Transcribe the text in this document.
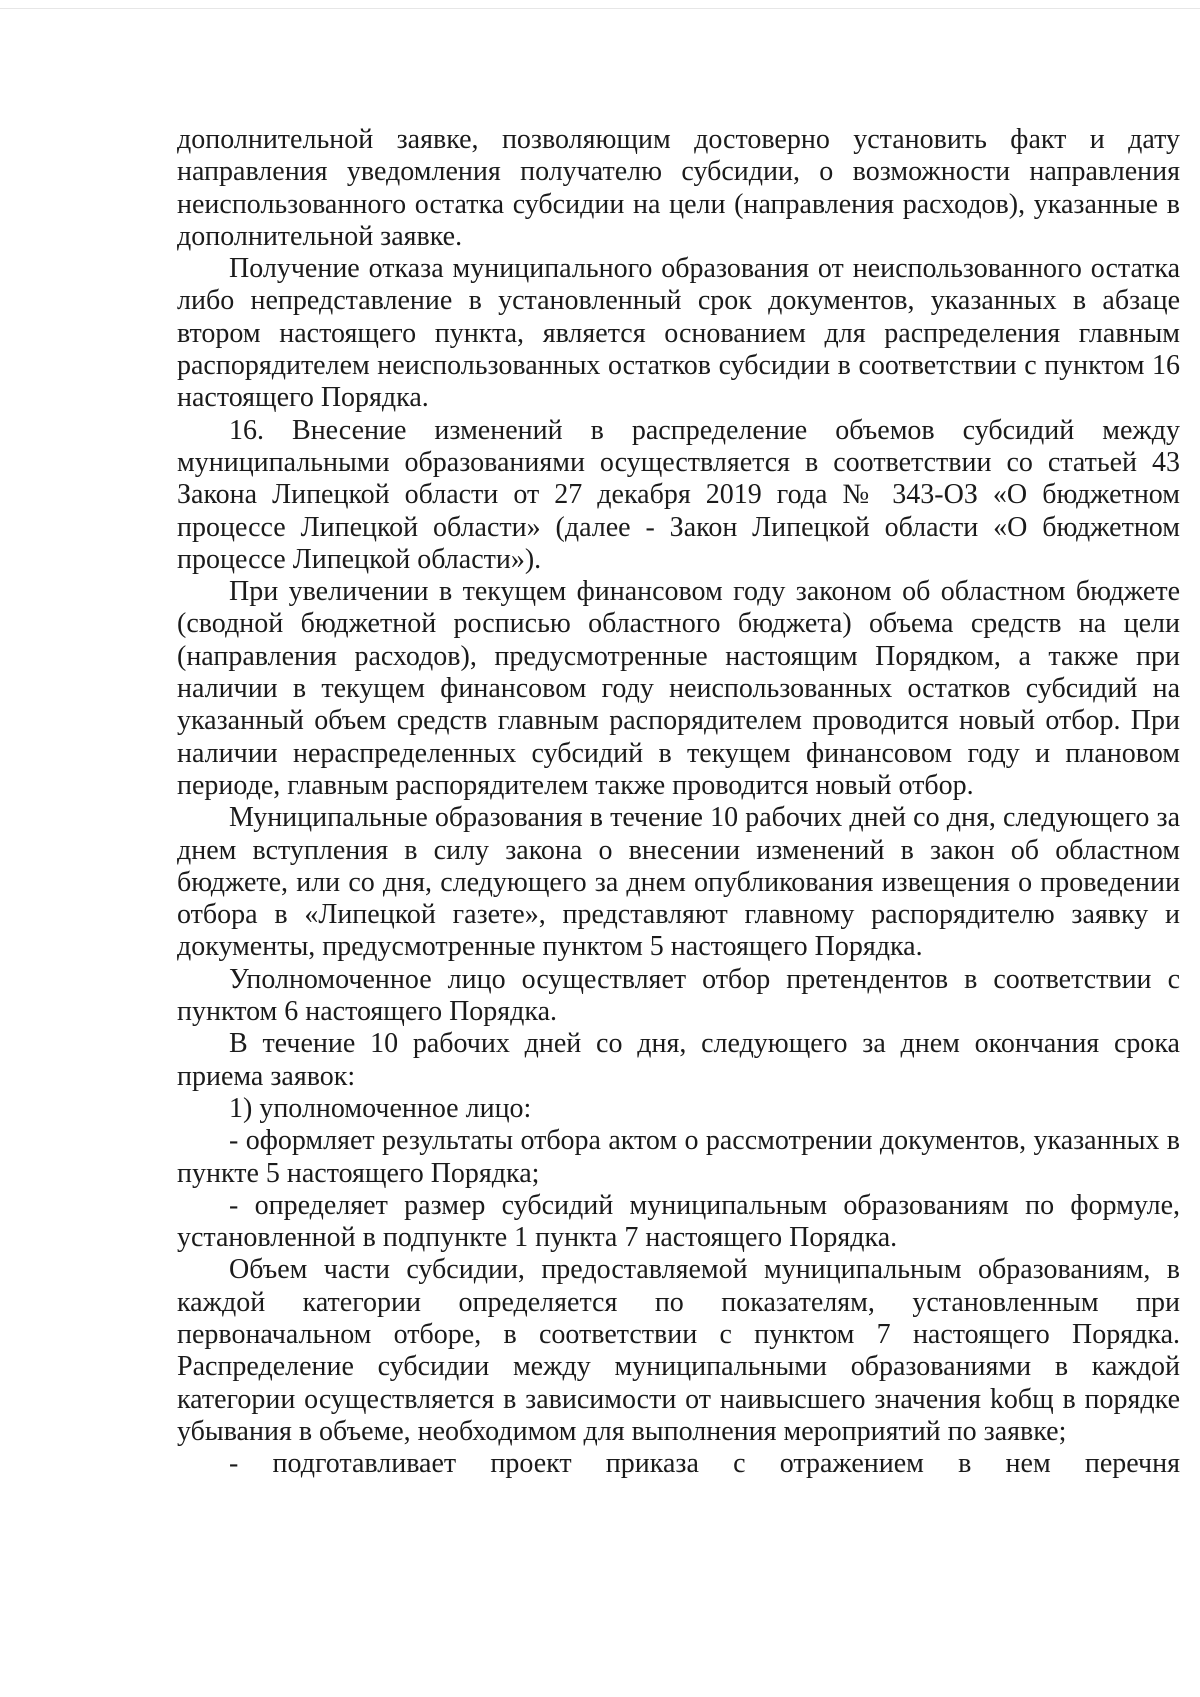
дополнительной заявке, позволяющим достоверно установить факт и дату направления уведомления получателю субсидии, о возможности направления неиспользованного остатка субсидии на цели (направления расходов), указанные в дополнительной заявке.

Получение отказа муниципального образования от неиспользованного остатка либо непредставление в установленный срок документов, указанных в абзаце втором настоящего пункта, является основанием для распределения главным распорядителем неиспользованных остатков субсидии в соответствии с пунктом 16 настоящего Порядка.

16. Внесение изменений в распределение объемов субсидий между муниципальными образованиями осуществляется в соответствии со статьей 43 Закона Липецкой области от 27 декабря 2019 года № 343-ОЗ «О бюджетном процессе Липецкой области» (далее - Закон Липецкой области «О бюджетном процессе Липецкой области»).

При увеличении в текущем финансовом году законом об областном бюджете (сводной бюджетной росписью областного бюджета) объема средств на цели (направления расходов), предусмотренные настоящим Порядком, а также при наличии в текущем финансовом году неиспользованных остатков субсидий на указанный объем средств главным распорядителем проводится новый отбор. При наличии нераспределенных субсидий в текущем финансовом году и плановом периоде, главным распорядителем также проводится новый отбор.

Муниципальные образования в течение 10 рабочих дней со дня, следующего за днем вступления в силу закона о внесении изменений в закон об областном бюджете, или со дня, следующего за днем опубликования извещения о проведении отбора в «Липецкой газете», представляют главному распорядителю заявку и документы, предусмотренные пунктом 5 настоящего Порядка.

Уполномоченное лицо осуществляет отбор претендентов в соответствии с пунктом 6 настоящего Порядка.

В течение 10 рабочих дней со дня, следующего за днем окончания срока приема заявок:

1) уполномоченное лицо:

- оформляет результаты отбора актом о рассмотрении документов, указанных в пункте 5 настоящего Порядка;

- определяет размер субсидий муниципальным образованиям по формуле, установленной в подпункте 1 пункта 7 настоящего Порядка.

Объем части субсидии, предоставляемой муниципальным образованиям, в каждой категории определяется по показателям, установленным при первоначальном отборе, в соответствии с пунктом 7 настоящего Порядка. Распределение субсидии между муниципальными образованиями в каждой категории осуществляется в зависимости от наивысшего значения kобщ в порядке убывания в объеме, необходимом для выполнения мероприятий по заявке;

- подготавливает проект приказа с отражением в нем перечня
